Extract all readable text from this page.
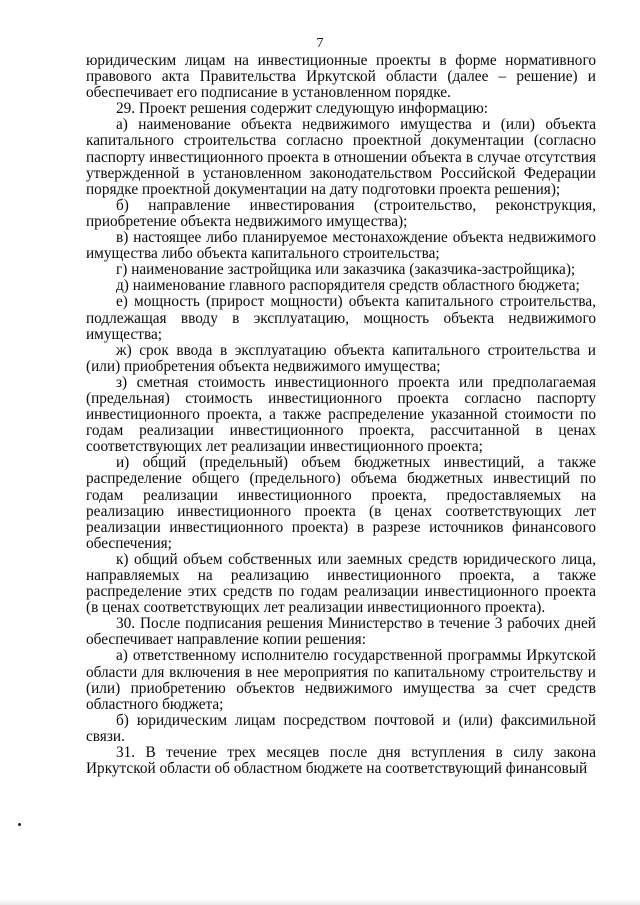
7

юридическим лицам на инвестиционные проекты в форме нормативного правового акта Правительства Иркутской области (далее – решение) и обеспечивает его подписание в установленном порядке.

29. Проект решения содержит следующую информацию:

а) наименование объекта недвижимого имущества и (или) объекта капитального строительства согласно проектной документации (согласно паспорту инвестиционного проекта в отношении объекта в случае отсутствия утвержденной в установленном законодательством Российской Федерации порядке проектной документации на дату подготовки проекта решения);

б) направление инвестирования (строительство, реконструкция, приобретение объекта недвижимого имущества);

в) настоящее либо планируемое местонахождение объекта недвижимого имущества либо объекта капитального строительства;

г) наименование застройщика или заказчика (заказчика-застройщика);

д) наименование главного распорядителя средств областного бюджета;

е) мощность (прирост мощности) объекта капитального строительства, подлежащая вводу в эксплуатацию, мощность объекта недвижимого имущества;

ж) срок ввода в эксплуатацию объекта капитального строительства и (или) приобретения объекта недвижимого имущества;

з) сметная стоимость инвестиционного проекта или предполагаемая (предельная) стоимость инвестиционного проекта согласно паспорту инвестиционного проекта, а также распределение указанной стоимости по годам реализации инвестиционного проекта, рассчитанной в ценах соответствующих лет реализации инвестиционного проекта;

и) общий (предельный) объем бюджетных инвестиций, а также распределение общего (предельного) объема бюджетных инвестиций по годам реализации инвестиционного проекта, предоставляемых на реализацию инвестиционного проекта (в ценах соответствующих лет реализации инвестиционного проекта) в разрезе источников финансового обеспечения;

к) общий объем собственных или заемных средств юридического лица, направляемых на реализацию инвестиционного проекта, а также распределение этих средств по годам реализации инвестиционного проекта (в ценах соответствующих лет реализации инвестиционного проекта).

30. После подписания решения Министерство в течение 3 рабочих дней обеспечивает направление копии решения:

а) ответственному исполнителю государственной программы Иркутской области для включения в нее мероприятия по капитальному строительству и (или) приобретению объектов недвижимого имущества за счет средств областного бюджета;

б) юридическим лицам посредством почтовой и (или) факсимильной связи.

31. В течение трех месяцев после дня вступления в силу закона Иркутской области об областном бюджете на соответствующий финансовый
